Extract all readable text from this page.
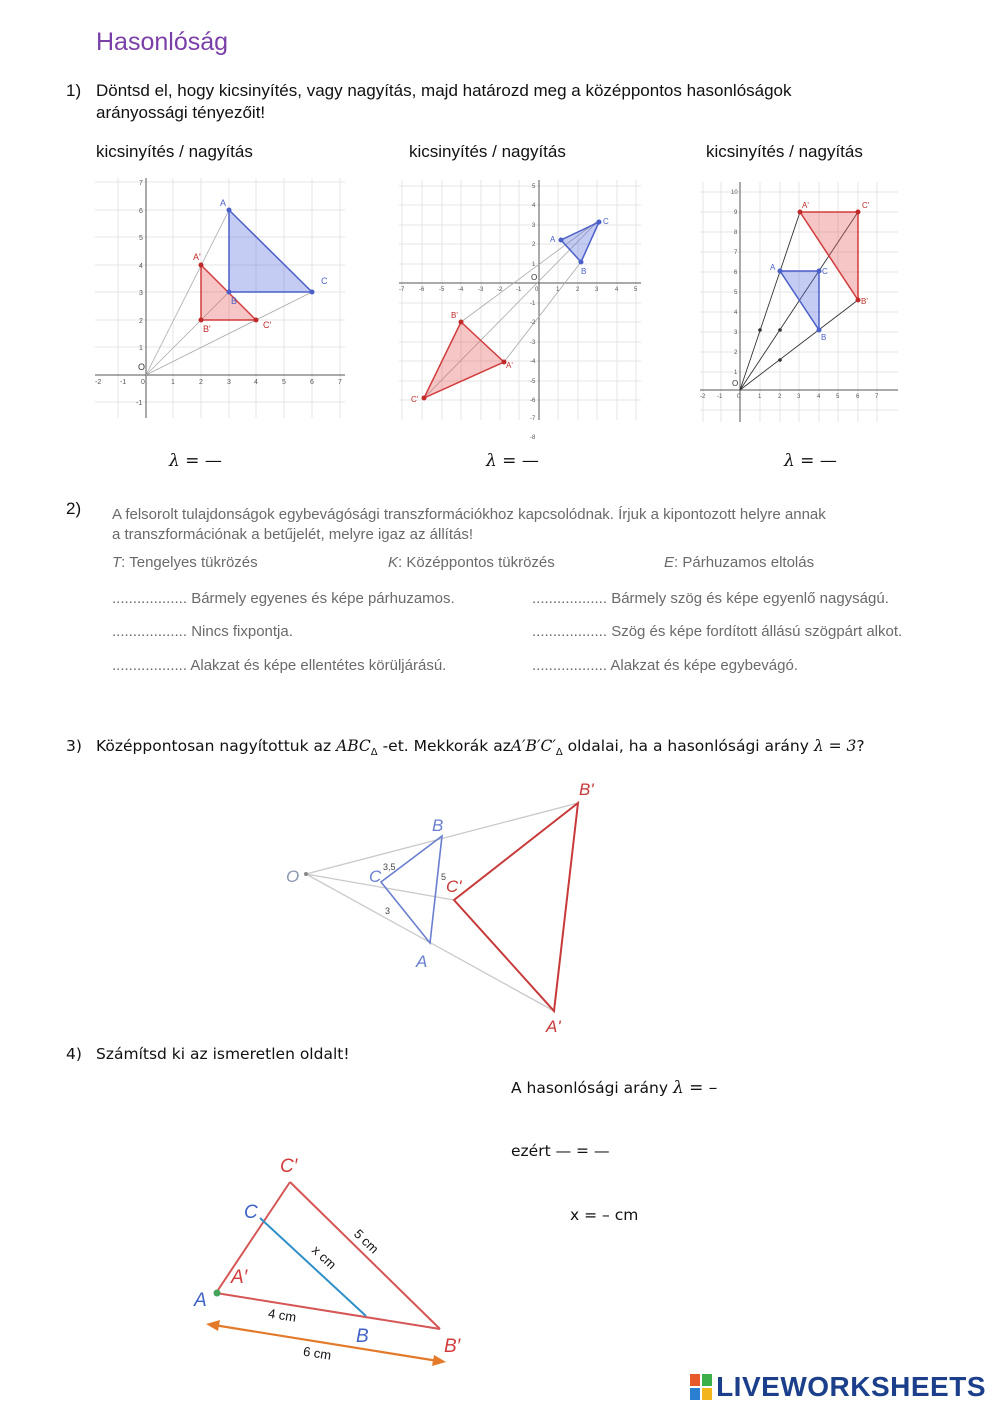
Hasonlóság
1) Döntsd el, hogy kicsinyítés, vagy nagyítás, majd határozd meg a középpontos hasonlóságok
arányossági tényezőit!
kicsinyítés / nagyítás	kicsinyítés / nagyítás	kicsinyítés / nagyítás
A
B
C
A'
B'	C'
O
-2	-1 0	1	2	3	4	5	6	7
-1
1
2
3
4
5
6
7
A
B
C
B'
A'
C'
O
-7 -6 -5 -4 -3 -2 -1 0	1	2	3	4	5
-8
-7
-6
-5
-4
-3
-2
-1
1
2
3
4
5
A'	C'
B'
A	C
B
O
-2 -1 0	1	2	3	4	5	6	7
1
2
3
4
5
6
7
8
9
10
λ = —	λ = —	λ = —
2) A felsorolt tulajdonságok egybevágósági transzformációkhoz kapcsolódnak. Írjuk a kipontozott helyre annak
a transzformációnak a betűjelét, melyre igaz az állítás!
T: Tengelyes tükrözés	K: Középpontos tükrözés	E: Párhuzamos eltolás
.................. Bármely egyenes és képe párhuzamos.
.................. Nincs fixpontja.
.................. Alakzat és képe ellentétes körüljárású.
.................. Bármely szög és képe egyenlő nagyságú.
.................. Szög és képe fordított állású szögpárt alkot.
.................. Alakzat és képe egybevágó.
3) Középpontosan nagyítottuk az $ABC_\Delta$ -et. Mekkorák $azA'B'C'_\Delta$ oldalai, ha a hasonlósági arány λ = 3?
O
B
C
A
B'
C'
A'
3,5
5
3
4) Számítsd ki az ismeretlen oldalt!
A hasonlósági arány λ = –
ezért — = —
x = – cm
A
A′
C
C′
B	B′
5 cm
x cm
4 cm
6 cm
LIVEWORKSHEETS
